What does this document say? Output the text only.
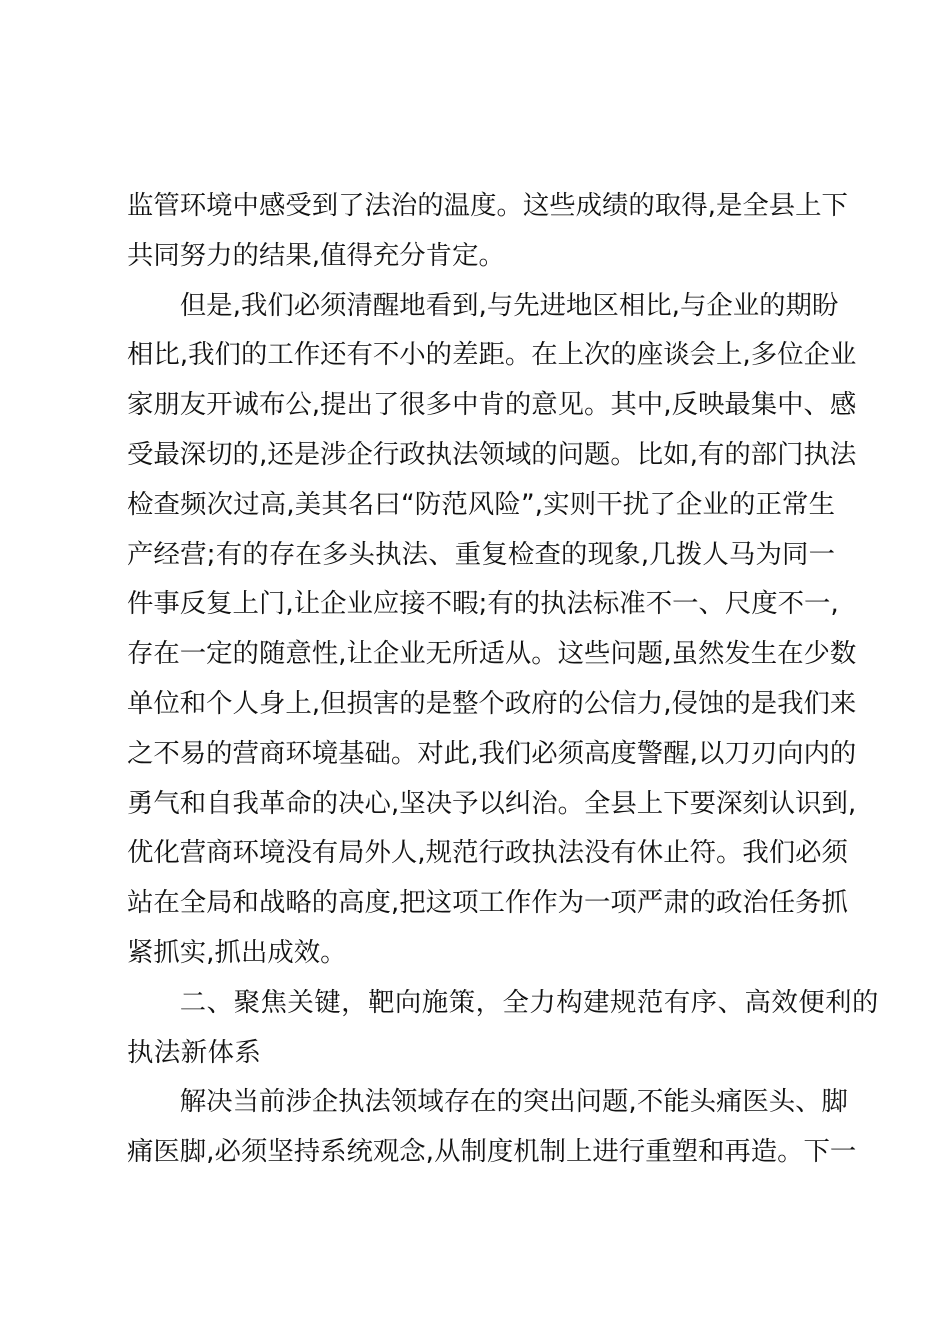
监管环境中感受到了法治的温度。这些成绩的取得,是全县上下
共同努力的结果,值得充分肯定。
但是,我们必须清醒地看到,与先进地区相比,与企业的期盼
相比,我们的工作还有不小的差距。在上次的座谈会上,多位企业
家朋友开诚布公,提出了很多中肯的意见。其中,反映最集中、感
受最深切的,还是涉企行政执法领域的问题。比如,有的部门执法
检查频次过高,美其名曰“防范风险”,实则干扰了企业的正常生
产经营;有的存在多头执法、重复检查的现象,几拨人马为同一
件事反复上门,让企业应接不暇;有的执法标准不一、尺度不一,
存在一定的随意性,让企业无所适从。这些问题,虽然发生在少数
单位和个人身上,但损害的是整个政府的公信力,侵蚀的是我们来
之不易的营商环境基础。对此,我们必须高度警醒,以刀刃向内的
勇气和自我革命的决心,坚决予以纠治。全县上下要深刻认识到,
优化营商环境没有局外人,规范行政执法没有休止符。我们必须
站在全局和战略的高度,把这项工作作为一项严肃的政治任务抓
紧抓实,抓出成效。
二、聚焦关键，靶向施策，全力构建规范有序、高效便利的
执法新体系
解决当前涉企执法领域存在的突出问题,不能头痛医头、脚
痛医脚,必须坚持系统观念,从制度机制上进行重塑和再造。下一
